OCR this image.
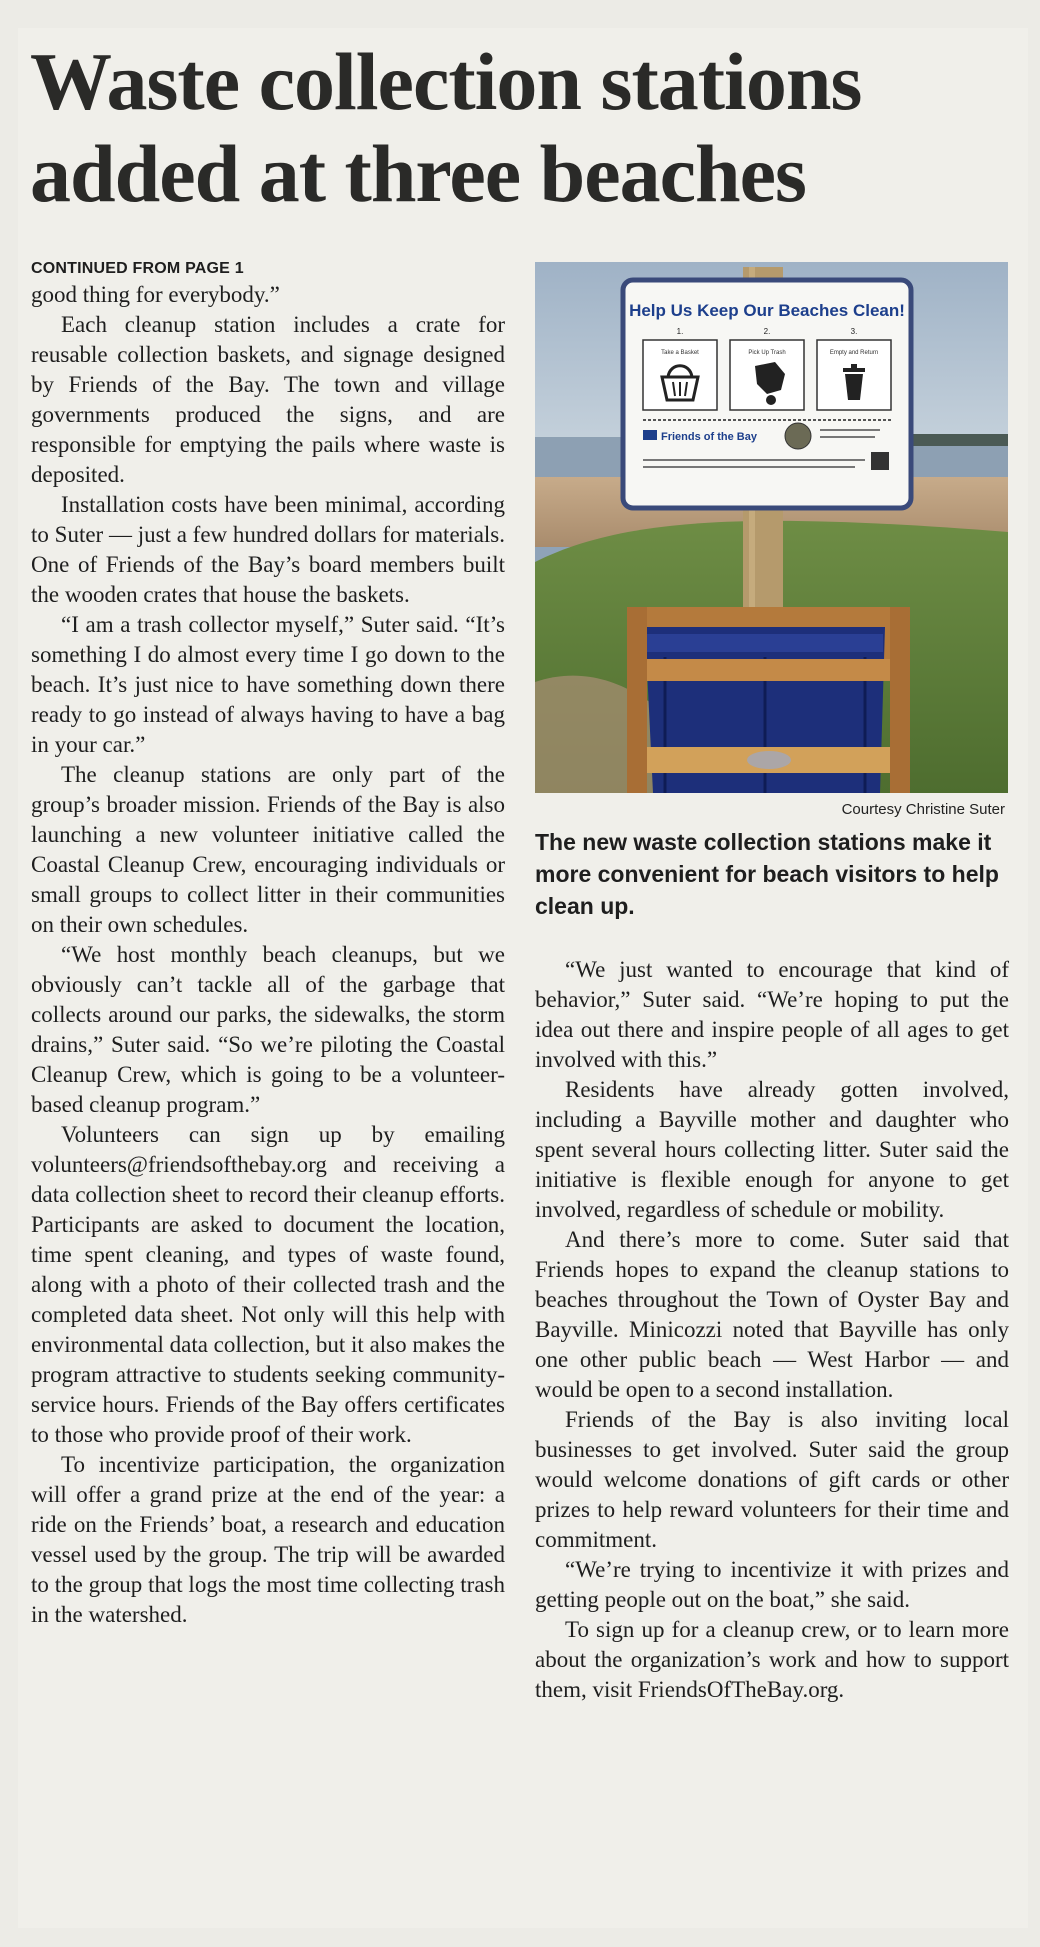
Waste collection stations added at three beaches
CONTINUED FROM PAGE 1

good thing for everybody.”

Each cleanup station includes a crate for reusable collection baskets, and signage designed by Friends of the Bay. The town and village governments produced the signs, and are responsible for emptying the pails where waste is deposited.

Installation costs have been minimal, according to Suter — just a few hundred dollars for materials. One of Friends of the Bay’s board members built the wooden crates that house the baskets.

“I am a trash collector myself,” Suter said. “It’s something I do almost every time I go down to the beach. It’s just nice to have something down there ready to go instead of always having to have a bag in your car.”

The cleanup stations are only part of the group’s broader mission. Friends of the Bay is also launching a new volunteer initiative called the Coastal Cleanup Crew, encouraging individuals or small groups to collect litter in their communities on their own schedules.

“We host monthly beach cleanups, but we obviously can’t tackle all of the garbage that collects around our parks, the sidewalks, the storm drains,” Suter said. “So we’re piloting the Coastal Cleanup Crew, which is going to be a volunteer-based cleanup program.”

Volunteers can sign up by emailing volunteers@friendsofthebay.org and receiving a data collection sheet to record their cleanup efforts. Participants are asked to document the location, time spent cleaning, and types of waste found, along with a photo of their collected trash and the completed data sheet. Not only will this help with environmental data collection, but it also makes the program attractive to students seeking community-service hours. Friends of the Bay offers certificates to those who provide proof of their work.

To incentivize participation, the organization will offer a grand prize at the end of the year: a ride on the Friends’ boat, a research and education vessel used by the group. The trip will be awarded to the group that logs the most time collecting trash in the watershed.

Help Us Keep Our Beaches Clean!
1.	2.	3.
Take a Basket	Pick Up Trash	Empty and Return
Friends of the Bay
Courtesy Christine Suter
The new waste collection stations make it more convenient for beach visitors to help clean up.

“We just wanted to encourage that kind of behavior,” Suter said. “We’re hoping to put the idea out there and inspire people of all ages to get involved with this.”

Residents have already gotten involved, including a Bayville mother and daughter who spent several hours collecting litter. Suter said the initiative is flexible enough for anyone to get involved, regardless of schedule or mobility.

And there’s more to come. Suter said that Friends hopes to expand the cleanup stations to beaches throughout the Town of Oyster Bay and Bayville. Minicozzi noted that Bayville has only one other public beach — West Harbor — and would be open to a second installation.

Friends of the Bay is also inviting local businesses to get involved. Suter said the group would welcome donations of gift cards or other prizes to help reward volunteers for their time and commitment.

“We’re trying to incentivize it with prizes and getting people out on the boat,” she said.

To sign up for a cleanup crew, or to learn more about the organization’s work and how to support them, visit FriendsOfTheBay.org.
